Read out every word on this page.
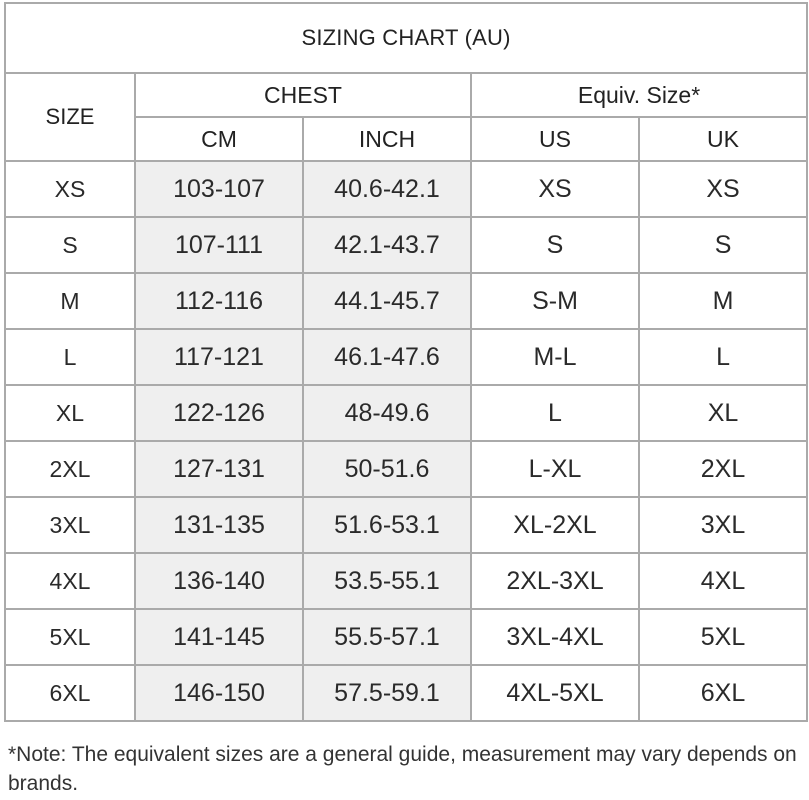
SIZING CHART (AU)				
SIZE	CHEST		Equiv. Size*	
	CM	INCH	US	UK
XS	103-107	40.6-42.1	XS	XS
S	107-111	42.1-43.7	S	S
M	112-116	44.1-45.7	S-M	M
L	117-121	46.1-47.6	M-L	L
XL	122-126	48-49.6	L	XL
2XL	127-131	50-51.6	L-XL	2XL
3XL	131-135	51.6-53.1	XL-2XL	3XL
4XL	136-140	53.5-55.1	2XL-3XL	4XL
5XL	141-145	55.5-57.1	3XL-4XL	5XL
6XL	146-150	57.5-59.1	4XL-5XL	6XL
*Note: The equivalent sizes are a general guide, measurement may vary depends on brands.
